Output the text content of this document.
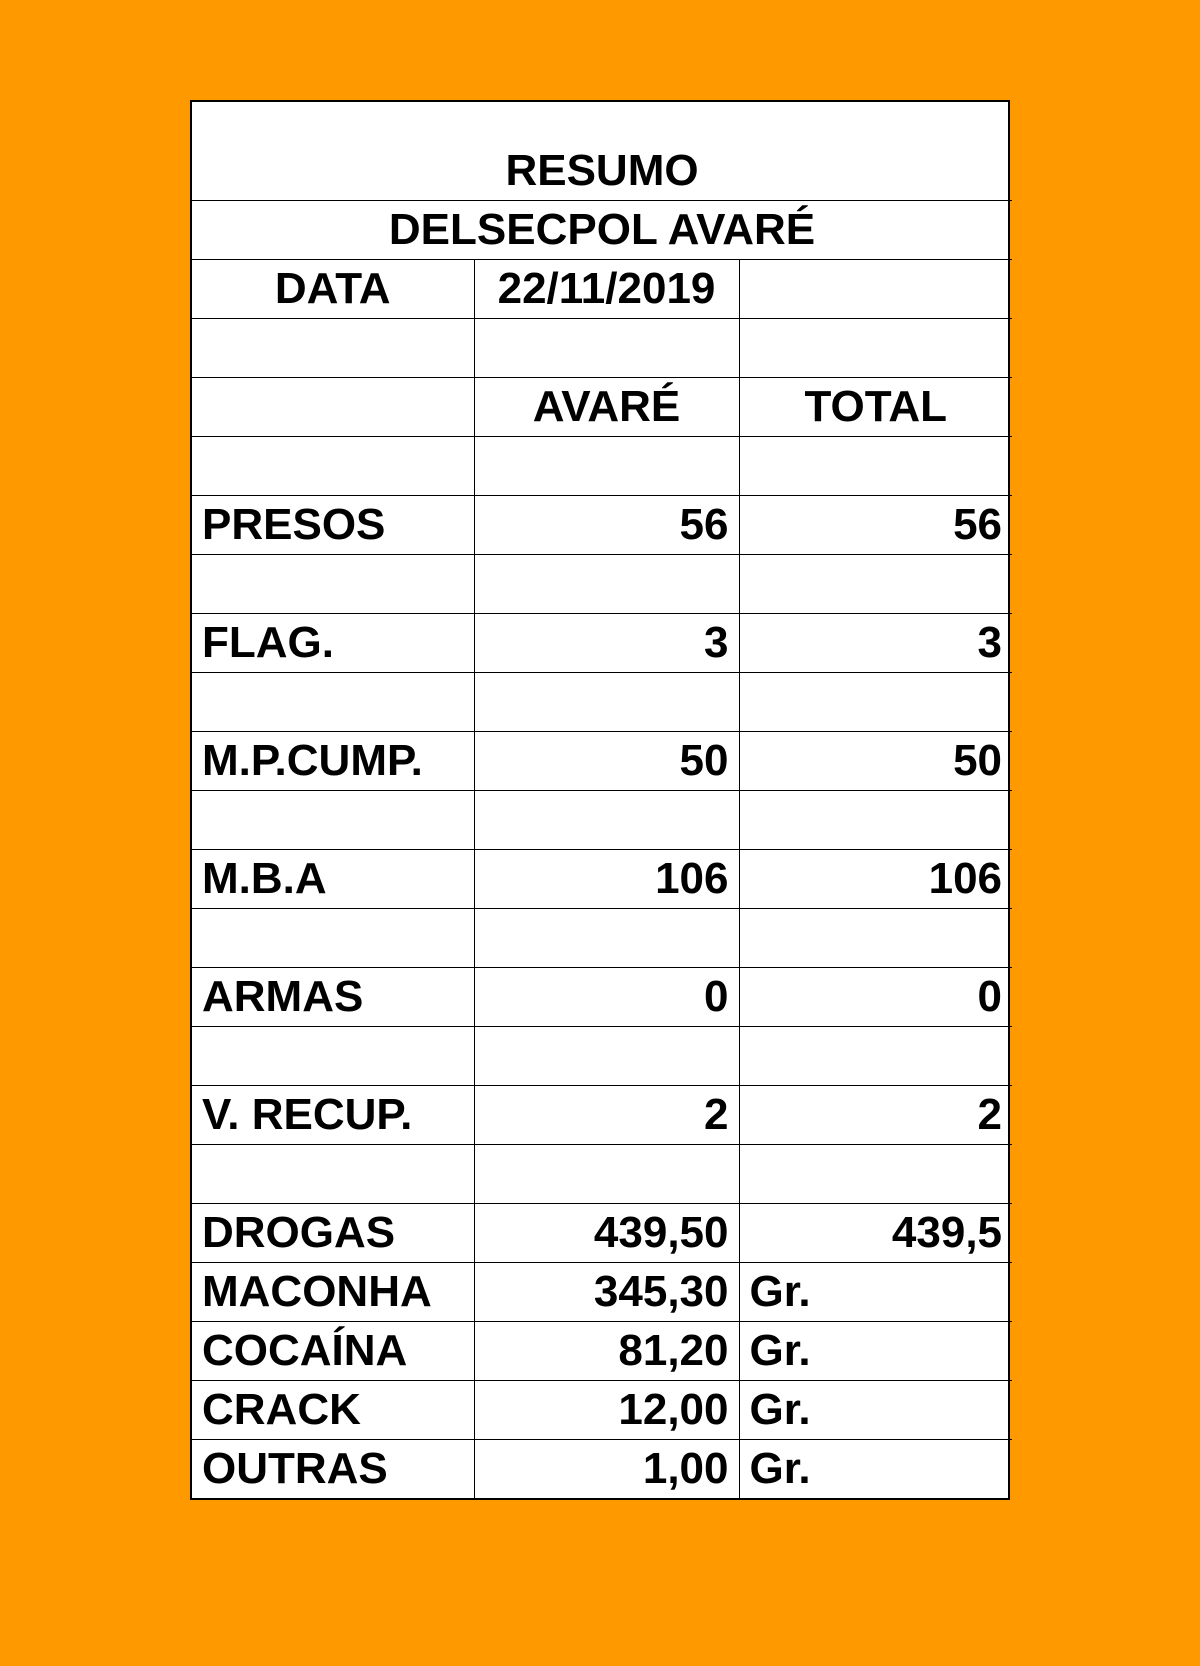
RESUMO		
DELSECPOL AVARÉ		
DATA	22/11/2019	

	AVARÉ	TOTAL

PRESOS	56	56

FLAG.	3	3

M.P.CUMP.	50	50

M.B.A	106	106

ARMAS	0	0

V. RECUP.	2	2

DROGAS	439,50	439,5
MACONHA	345,30	Gr.
COCAÍNA	81,20	Gr.
CRACK	12,00	Gr.
OUTRAS	1,00	Gr.
